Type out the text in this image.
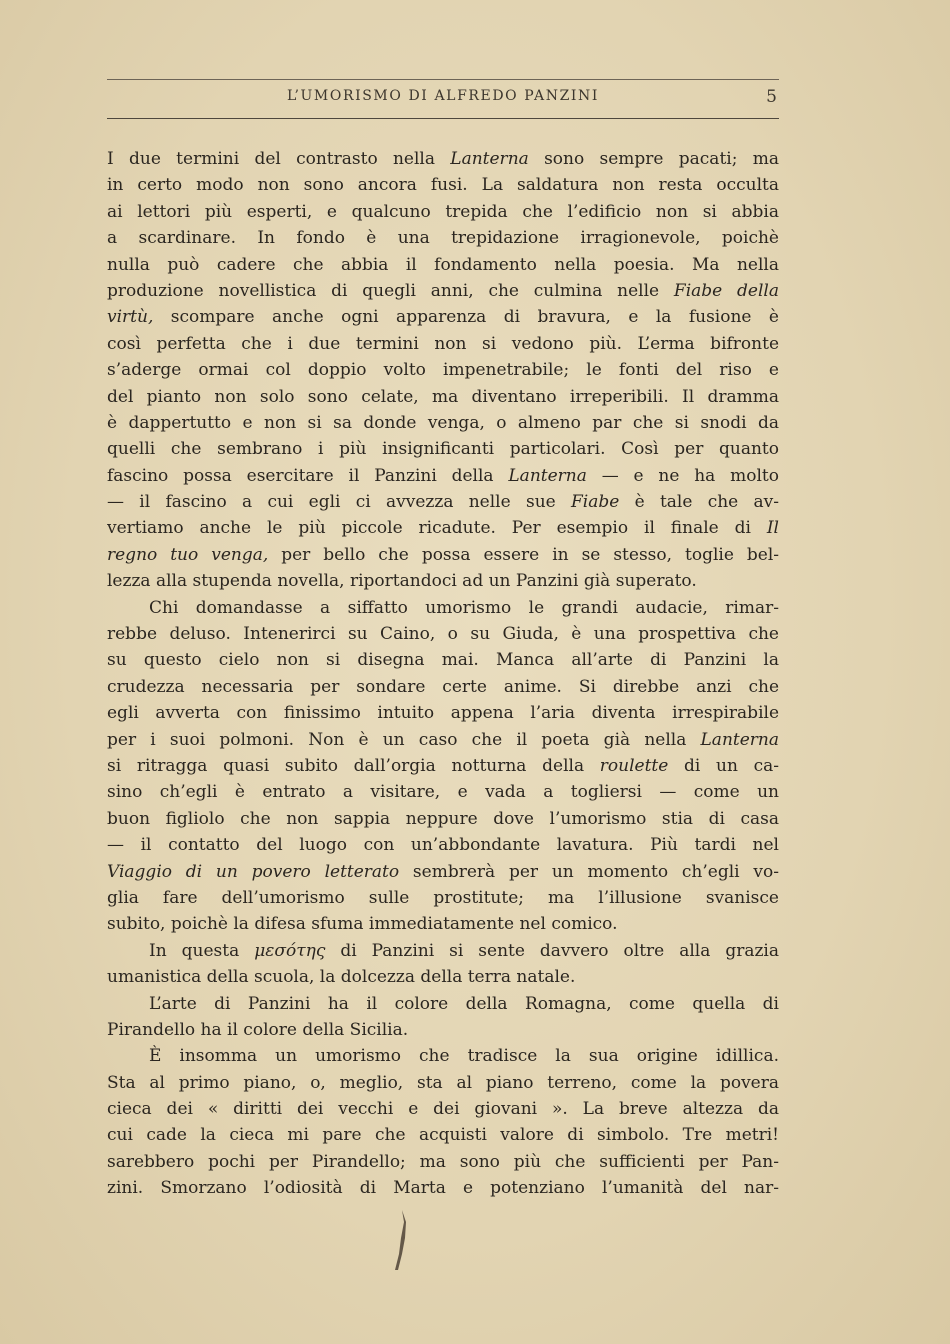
L’UMORISMO DI ALFREDO PANZINI	5
I due termini del contrasto nella Lanterna sono sempre pacati; ma
in certo modo non sono ancora fusi. La saldatura non resta occulta
ai lettori più esperti, e qualcuno trepida che l’edificio non si abbia
a scardinare. In fondo è una trepidazione irragionevole, poichè
nulla può cadere che abbia il fondamento nella poesia. Ma nella
produzione novellistica di quegli anni, che culmina nelle Fiabe della
virtù, scompare anche ogni apparenza di bravura, e la fusione è
così perfetta che i due termini non si vedono più. L’erma bifronte
s’aderge ormai col doppio volto impenetrabile; le fonti del riso e
del pianto non solo sono celate, ma diventano irreperibili. Il dramma
è dappertutto e non si sa donde venga, o almeno par che si snodi da
quelli che sembrano i più insignificanti particolari. Così per quanto
fascino possa esercitare il Panzini della Lanterna — e ne ha molto
— il fascino a cui egli ci avvezza nelle sue Fiabe è tale che av-
vertiamo anche le più piccole ricadute. Per esempio il finale di Il
regno tuo venga, per bello che possa essere in se stesso, toglie bel-
lezza alla stupenda novella, riportandoci ad un Panzini già superato.
Chi domandasse a siffatto umorismo le grandi audacie, rimar-
rebbe deluso. Intenerirci su Caino, o su Giuda, è una prospettiva che
su questo cielo non si disegna mai. Manca all’arte di Panzini la
crudezza necessaria per sondare certe anime. Si direbbe anzi che
egli avverta con finissimo intuito appena l’aria diventa irrespirabile
per i suoi polmoni. Non è un caso che il poeta già nella Lanterna
si ritragga quasi subito dall’orgia notturna della roulette di un ca-
sino ch’egli è entrato a visitare, e vada a togliersi — come un
buon figliolo che non sappia neppure dove l’umorismo stia di casa
— il contatto del luogo con un’abbondante lavatura. Più tardi nel
Viaggio di un povero letterato sembrerà per un momento ch’egli vo-
glia fare dell’umorismo sulle prostitute; ma l’illusione svanisce
subito, poichè la difesa sfuma immediatamente nel comico.
In questa μεσότης di Panzini si sente davvero oltre alla grazia
umanistica della scuola, la dolcezza della terra natale.
L’arte di Panzini ha il colore della Romagna, come quella di
Pirandello ha il colore della Sicilia.
È insomma un umorismo che tradisce la sua origine idillica.
Sta al primo piano, o, meglio, sta al piano terreno, come la povera
cieca dei « diritti dei vecchi e dei giovani ». La breve altezza da
cui cade la cieca mi pare che acquisti valore di simbolo. Tre metri!
sarebbero pochi per Pirandello; ma sono più che sufficienti per Pan-
zini. Smorzano l’odiosità di Marta e potenziano l’umanità del nar-
